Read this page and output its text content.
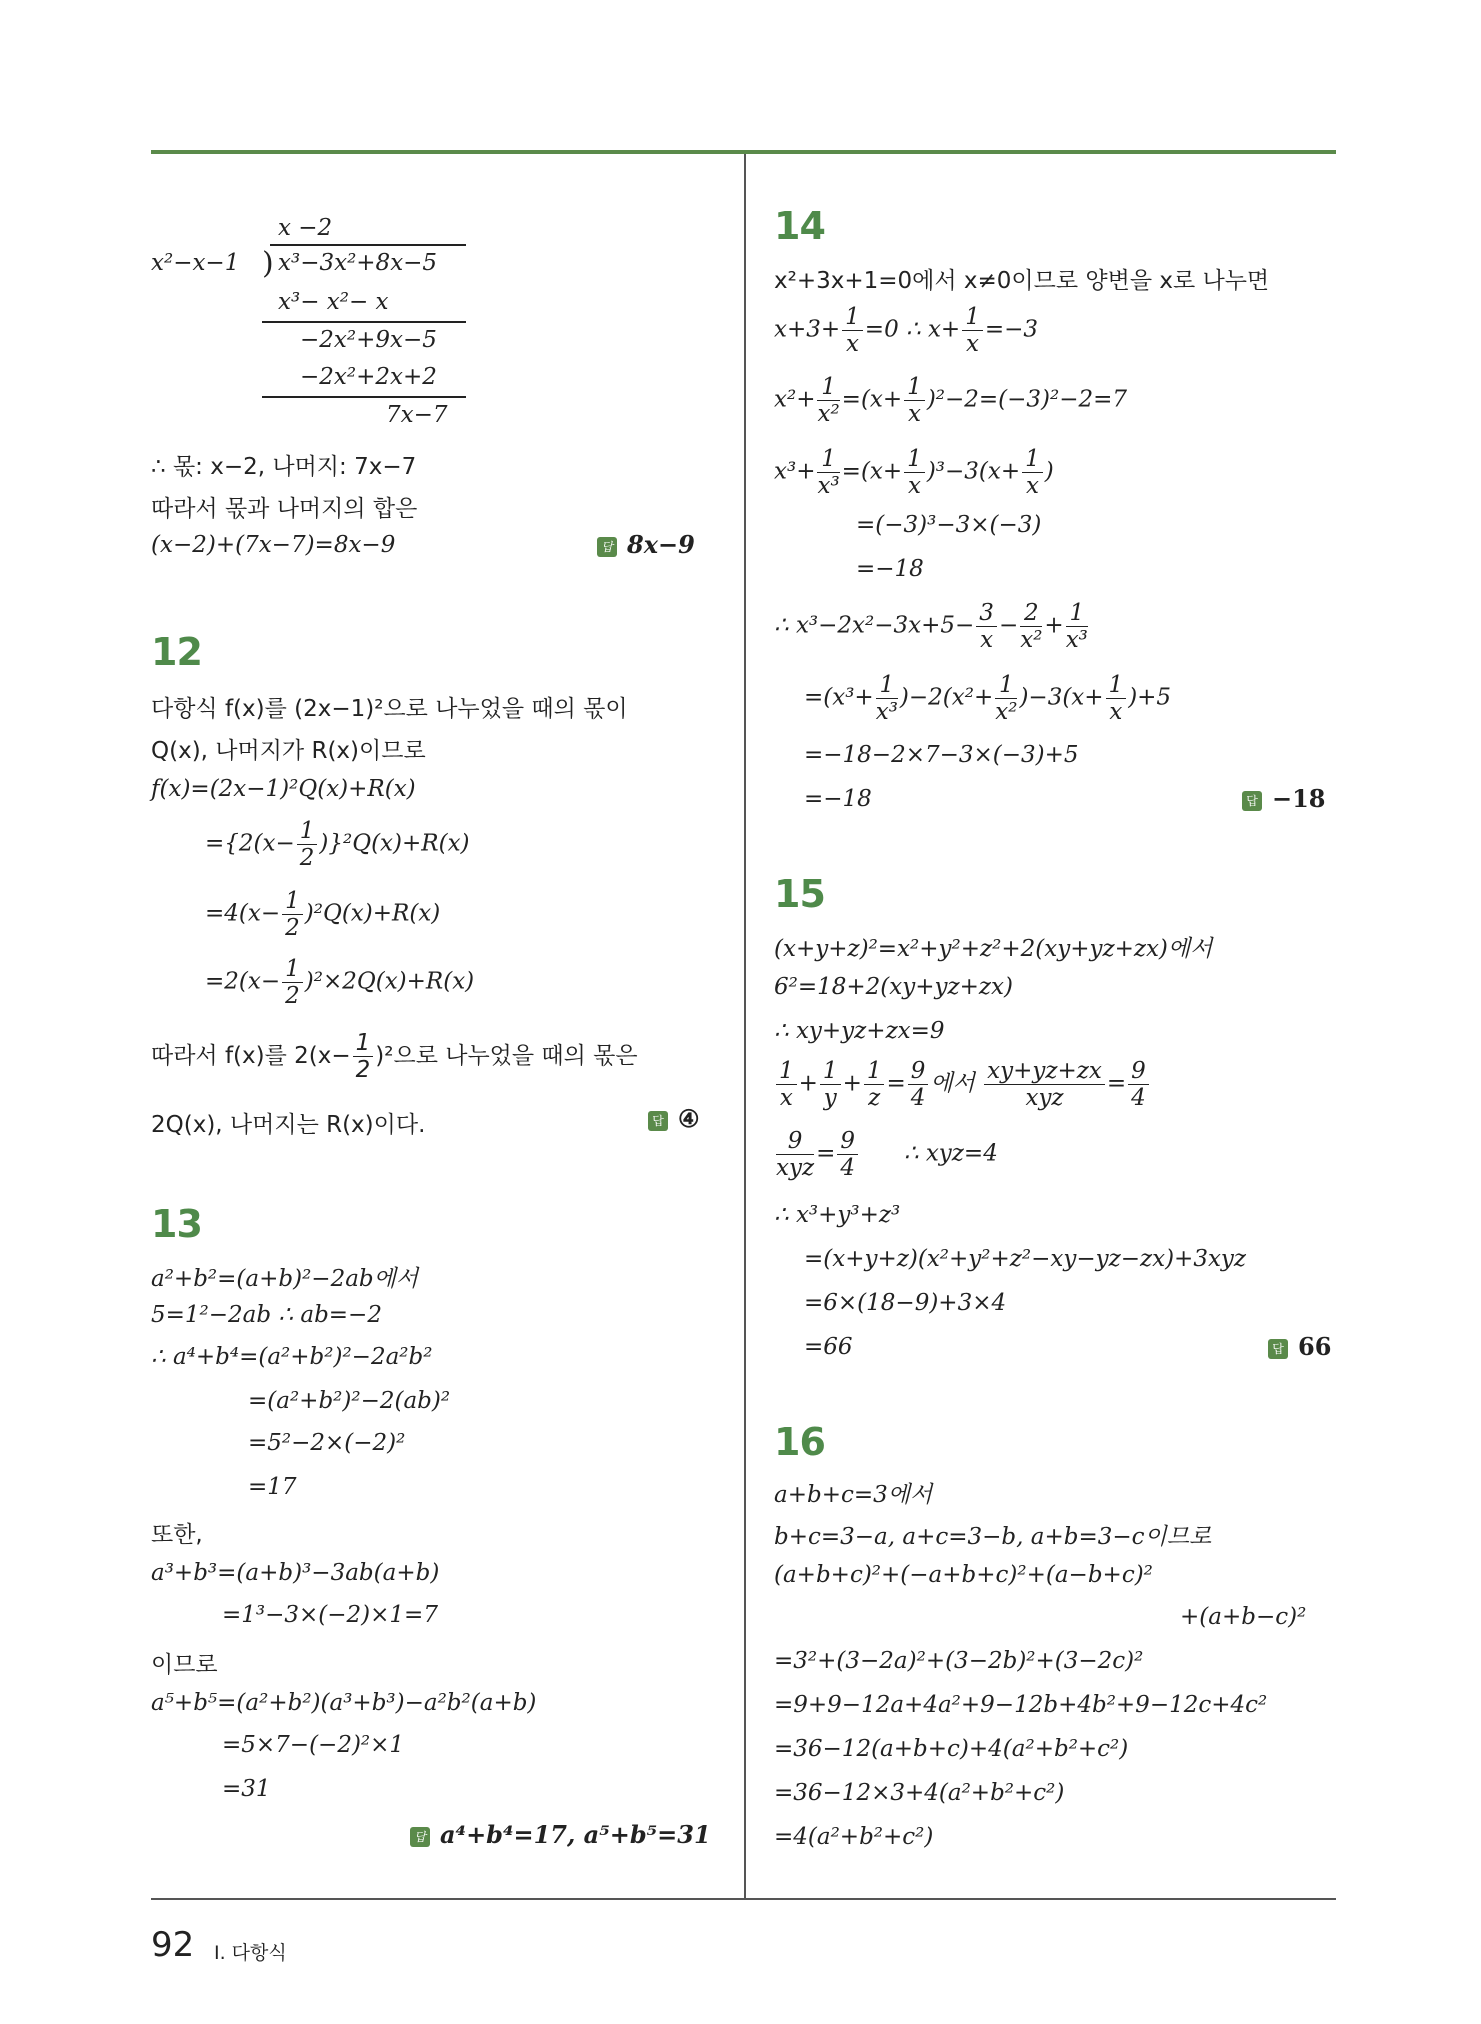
x −2
x²−x−1 ) x³−3x²+8x−5
x³− x²− x
−2x²+9x−5
−2x²+2x+2
7x−7
∴ 몫: x−2, 나머지: 7x−7
따라서 몫과 나머지의 합은
(x−2)+(7x−7)=8x−9	답 8x−9
12
다항식 f(x)를 (2x−1)²으로 나누었을 때의 몫이
Q(x), 나머지가 R(x)이므로
f(x)=(2x−1)²Q(x)+R(x)
$=\{2(x- \frac{1}{2} )\}^2Q(x)+R(x)$
$=4(x- \frac{1}{2} )^2Q(x)+R(x)$
$=2(x- \frac{1}{2} )^2\times 2Q(x)+R(x)$
따라서 f(x)를 $2(x- \frac{1}{2} )^2$으로 나누었을 때의 몫은
2Q(x), 나머지는 R(x)이다.	답 ④
13
a²+b²=(a+b)²−2ab에서
5=1²−2ab ∴ ab=−2
∴ a⁴+b⁴=(a²+b²)²−2a²b²
=(a²+b²)²−2(ab)²
=5²−2×(−2)²
=17
또한,
a³+b³=(a+b)³−3ab(a+b)
=1³−3×(−2)×1=7
이므로
a⁵+b⁵=(a²+b²)(a³+b³)−a²b²(a+b)
=5×7−(−2)²×1
=31
답 a⁴+b⁴=17, a⁵+b⁵=31
14
x²+3x+1=0에서 x≠0이므로 양변을 x로 나누면
$x+3+ \frac{1}{x} =0$ ∴ $x+ \frac{1}{x} =-3$
$x^2+ \frac{1}{\text{x²}} =(x+ \frac{1}{x} )^2-2=(-3)^2-2=7$
$x^3+ \frac{1}{\text{x³}} =(x+ \frac{1}{x} )^3-3(x+ \frac{1}{x}$ )
=(−3)³−3×(−3)
=−18
∴ $x^3-2x^2-3x+5- \frac{3}{x} - \frac{2}{\text{x²}} + \frac{1}{\text{x³}}$
$=(x^3+ \frac{1}{\text{x³}} )-2(x^2+ \frac{1}{\text{x²}} )-3(x+ \frac{1}{x} )+5$
=−18−2×7−3×(−3)+5
=−18	답 −18
15
(x+y+z)²=x²+y²+z²+2(xy+yz+zx)에서
6²=18+2(xy+yz+zx)
∴ xy+yz+zx=9
$\frac{1}{x} + \frac{1}{y} + \frac{1}{z} = \frac{9}{4}$ 에서 $\frac{xy+yz+zx}{\text{xyz}} = \frac{9}{4}$
$\frac{9}{\text{xyz}} = \frac{9}{4}$ ∴ xyz=4
∴ x³+y³+z³
=(x+y+z)(x²+y²+z²−xy−yz−zx)+3xyz
=6×(18−9)+3×4
=66	답 66
16
a+b+c=3에서
b+c=3−a, a+c=3−b, a+b=3−c이므로
(a+b+c)²+(−a+b+c)²+(a−b+c)²
+(a+b−c)²
=3²+(3−2a)²+(3−2b)²+(3−2c)²
=9+9−12a+4a²+9−12b+4b²+9−12c+4c²
=36−12(a+b+c)+4(a²+b²+c²)
=36−12×3+4(a²+b²+c²)
=4(a²+b²+c²)
92 Ⅰ. 다항식
